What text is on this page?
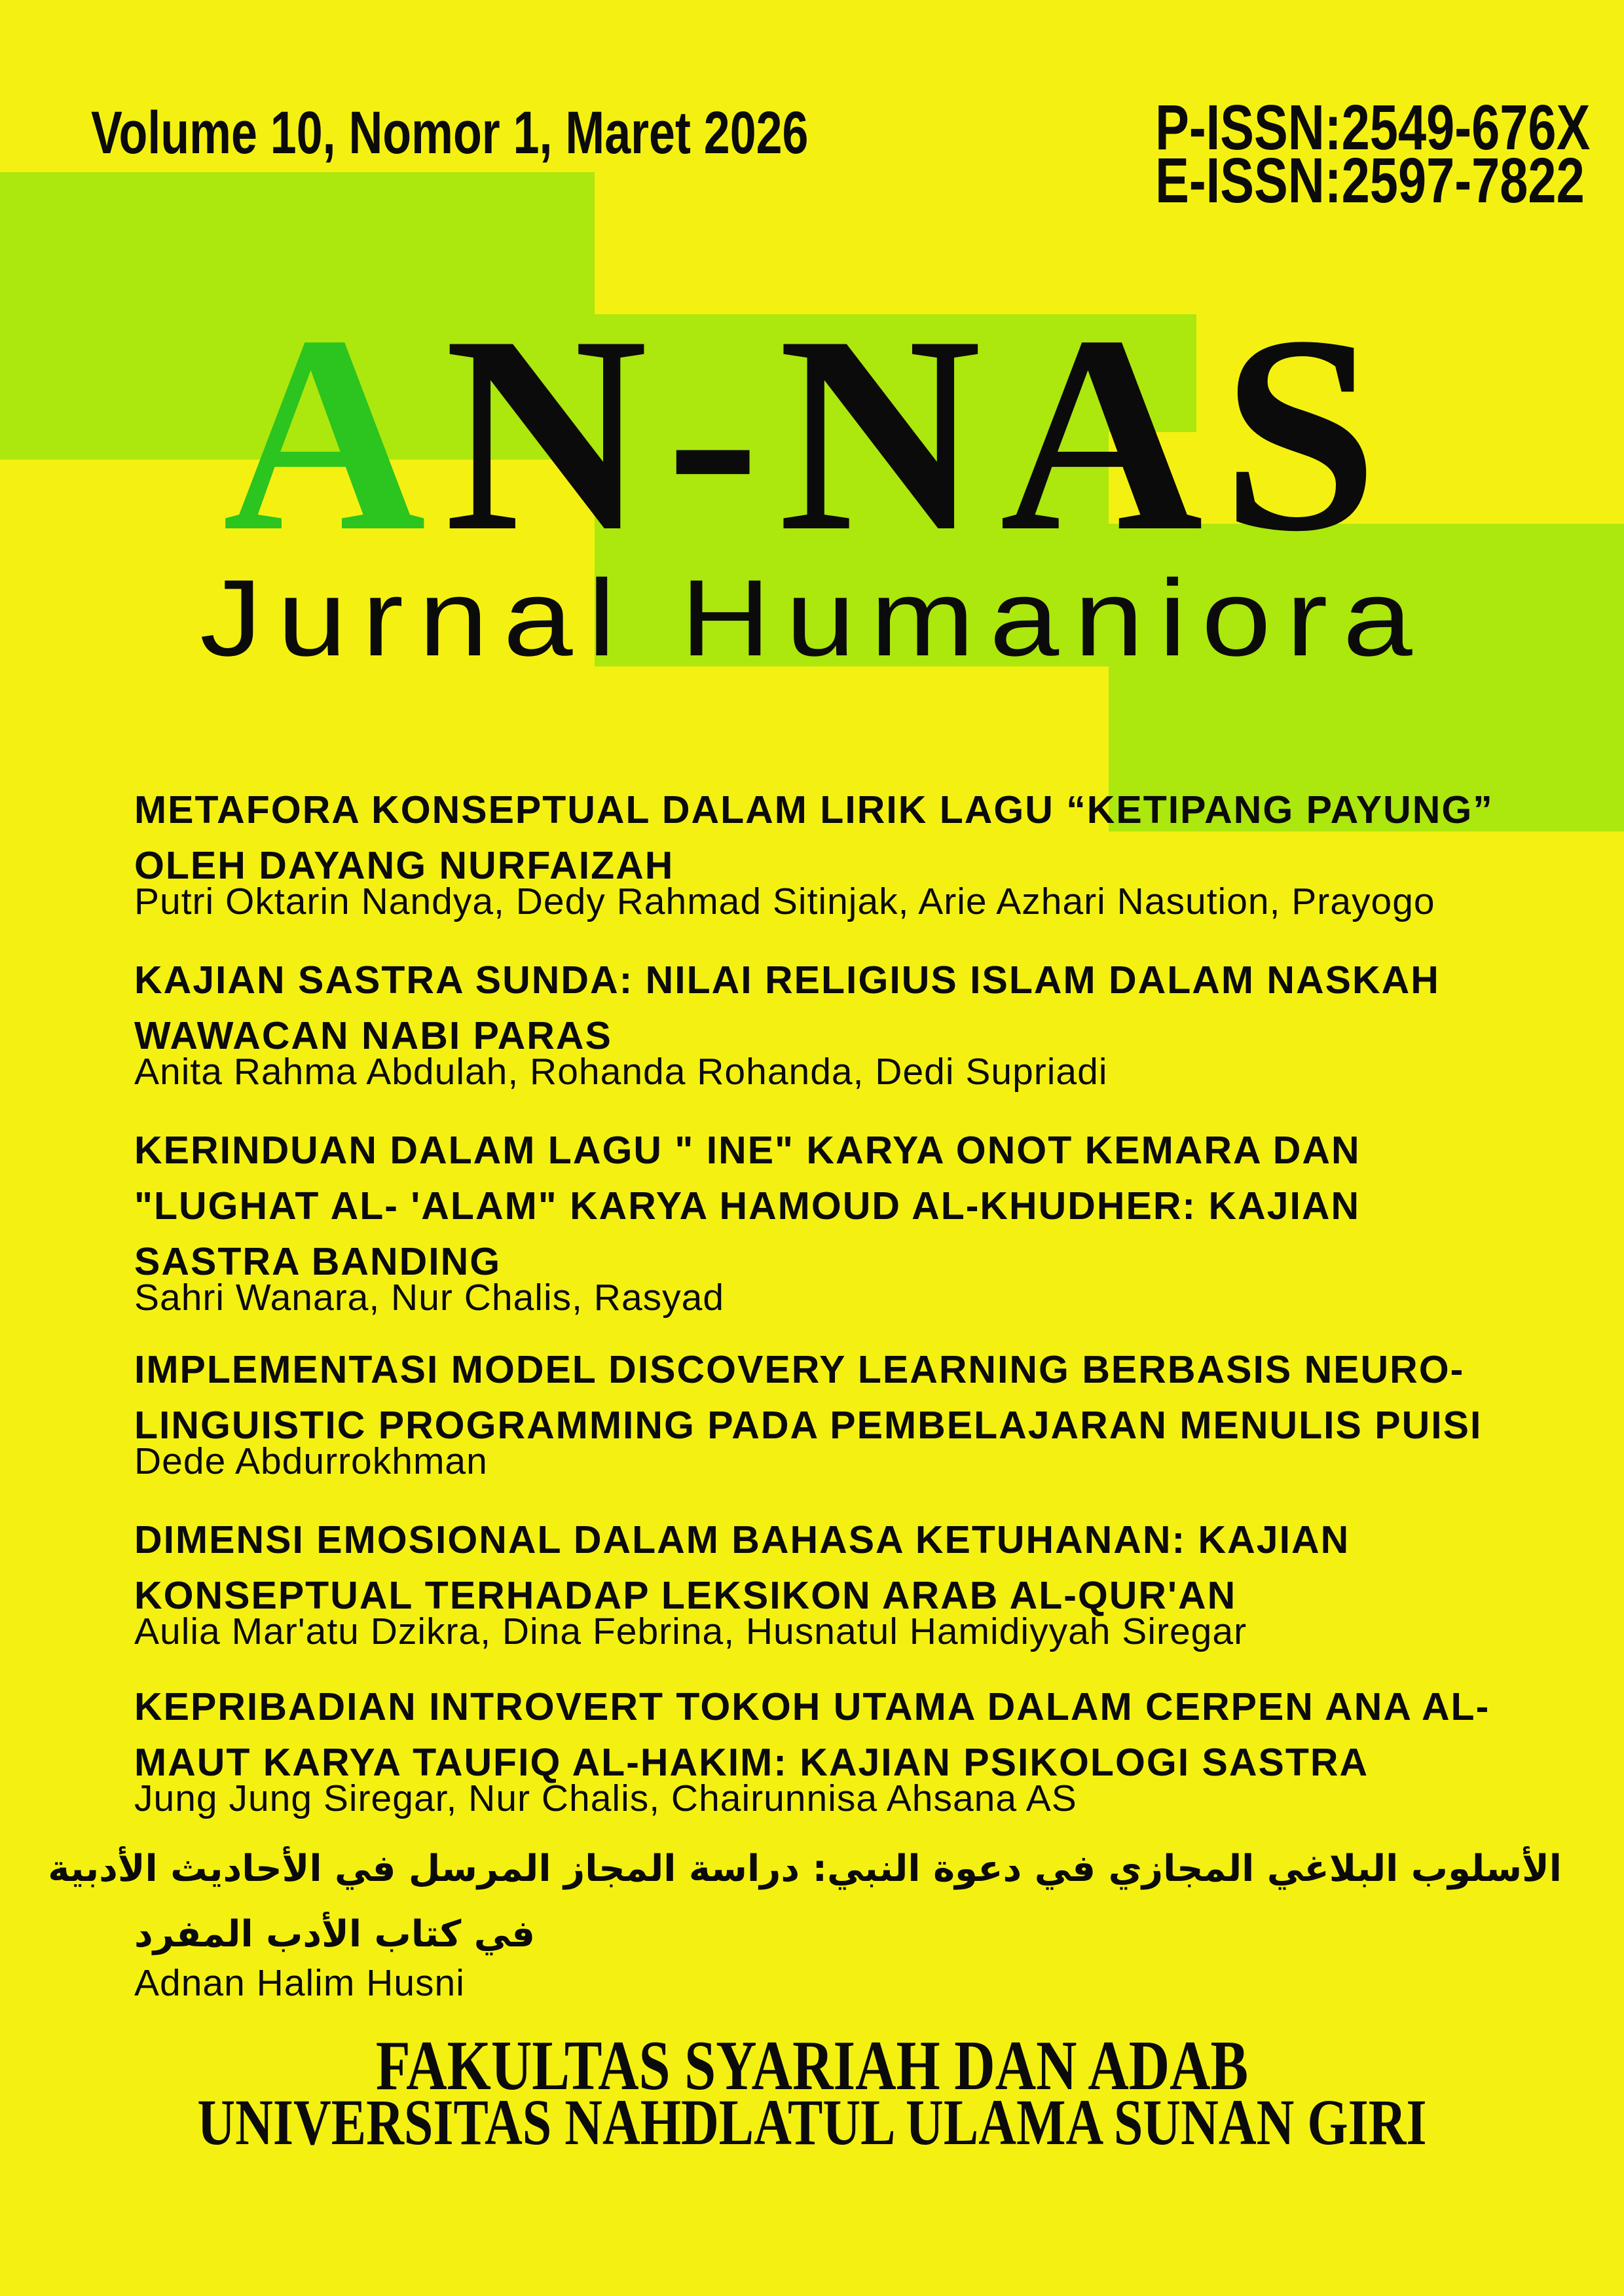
Volume 10, Nomor 1, Maret 2026	P-ISSN:2549-676X
E-ISSN:2597-7822
AN-NAS
Jurnal Humaniora
METAFORA KONSEPTUAL DALAM LIRIK LAGU “KETIPANG PAYUNG”
OLEH DAYANG NURFAIZAH
Putri Oktarin Nandya, Dedy Rahmad Sitinjak, Arie Azhari Nasution, Prayogo
KAJIAN SASTRA SUNDA: NILAI RELIGIUS ISLAM DALAM NASKAH
WAWACAN NABI PARAS
Anita Rahma Abdulah, Rohanda Rohanda, Dedi Supriadi
KERINDUAN DALAM LAGU " INE" KARYA ONOT KEMARA DAN
"LUGHAT AL- 'ALAM" KARYA HAMOUD AL-KHUDHER: KAJIAN
SASTRA BANDING
Sahri Wanara, Nur Chalis, Rasyad
IMPLEMENTASI MODEL DISCOVERY LEARNING BERBASIS NEURO-
LINGUISTIC PROGRAMMING PADA PEMBELAJARAN MENULIS PUISI
Dede Abdurrokhman
DIMENSI EMOSIONAL DALAM BAHASA KETUHANAN: KAJIAN
KONSEPTUAL TERHADAP LEKSIKON ARAB AL-QUR'AN
Aulia Mar'atu Dzikra, Dina Febrina, Husnatul Hamidiyyah Siregar
KEPRIBADIAN INTROVERT TOKOH UTAMA DALAM CERPEN ANA AL-
MAUT KARYA TAUFIQ AL-HAKIM: KAJIAN PSIKOLOGI SASTRA
Jung Jung Siregar, Nur Chalis, Chairunnisa Ahsana AS
الأسلوب البلاغي المجازي في دعوة النبي: دراسة المجاز المرسل في الأحاديث الأدبية
في كتاب الأدب المفرد
Adnan Halim Husni
FAKULTAS SYARIAH DAN ADAB
UNIVERSITAS NAHDLATUL ULAMA SUNAN GIRI
